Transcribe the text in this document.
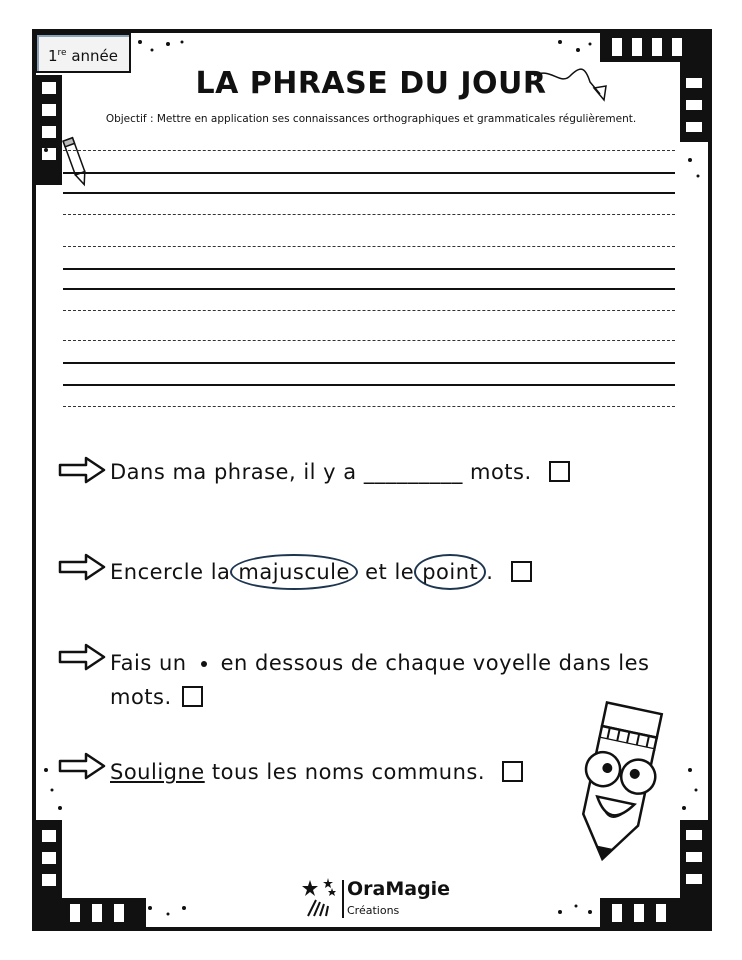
1re année
LA PHRASE DU JOUR
Objectif : Mettre en application ses connaissances orthographiques et grammaticales régulièrement.
Dans ma phrase, il y a _________ mots.
Encercle la majuscule et le point .
Fais un en dessous de chaque voyelle dans les
mots.
Souligne tous les noms communs.
OraMagie
Créations
